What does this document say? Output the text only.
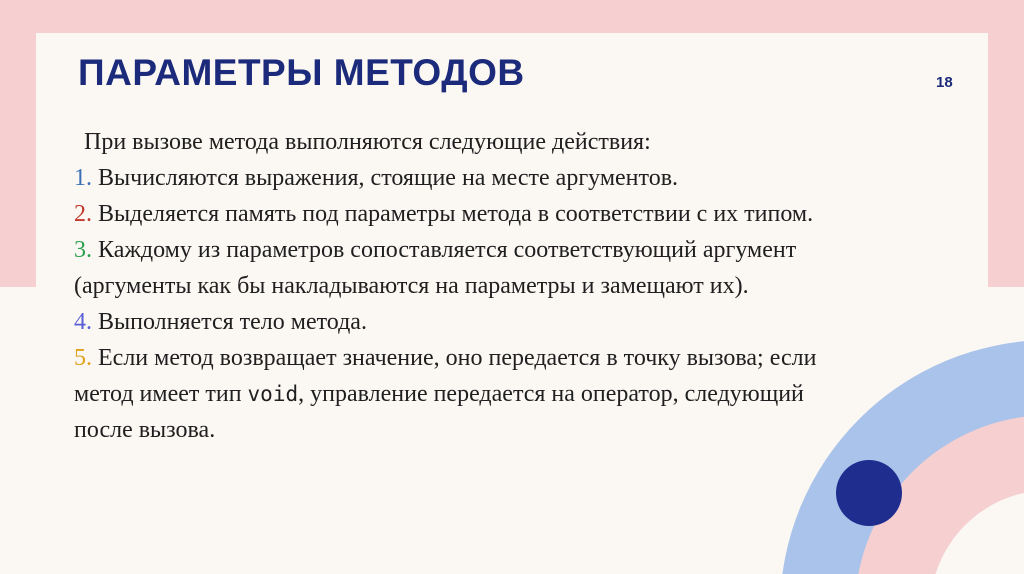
ПАРАМЕТРЫ МЕТОДОВ	18
При вызове метода выполняются следующие действия:
1. Вычисляются выражения, стоящие на месте аргументов.
2. Выделяется память под параметры метода в соответствии с их типом.
3. Каждому из параметров сопоставляется соответствующий аргумент (аргументы как бы накладываются на параметры и замещают их).
4. Выполняется тело метода.
5. Если метод возвращает значение, оно передается в точку вызова; если метод имеет тип void, управление передается на оператор, следующий после вызова.
